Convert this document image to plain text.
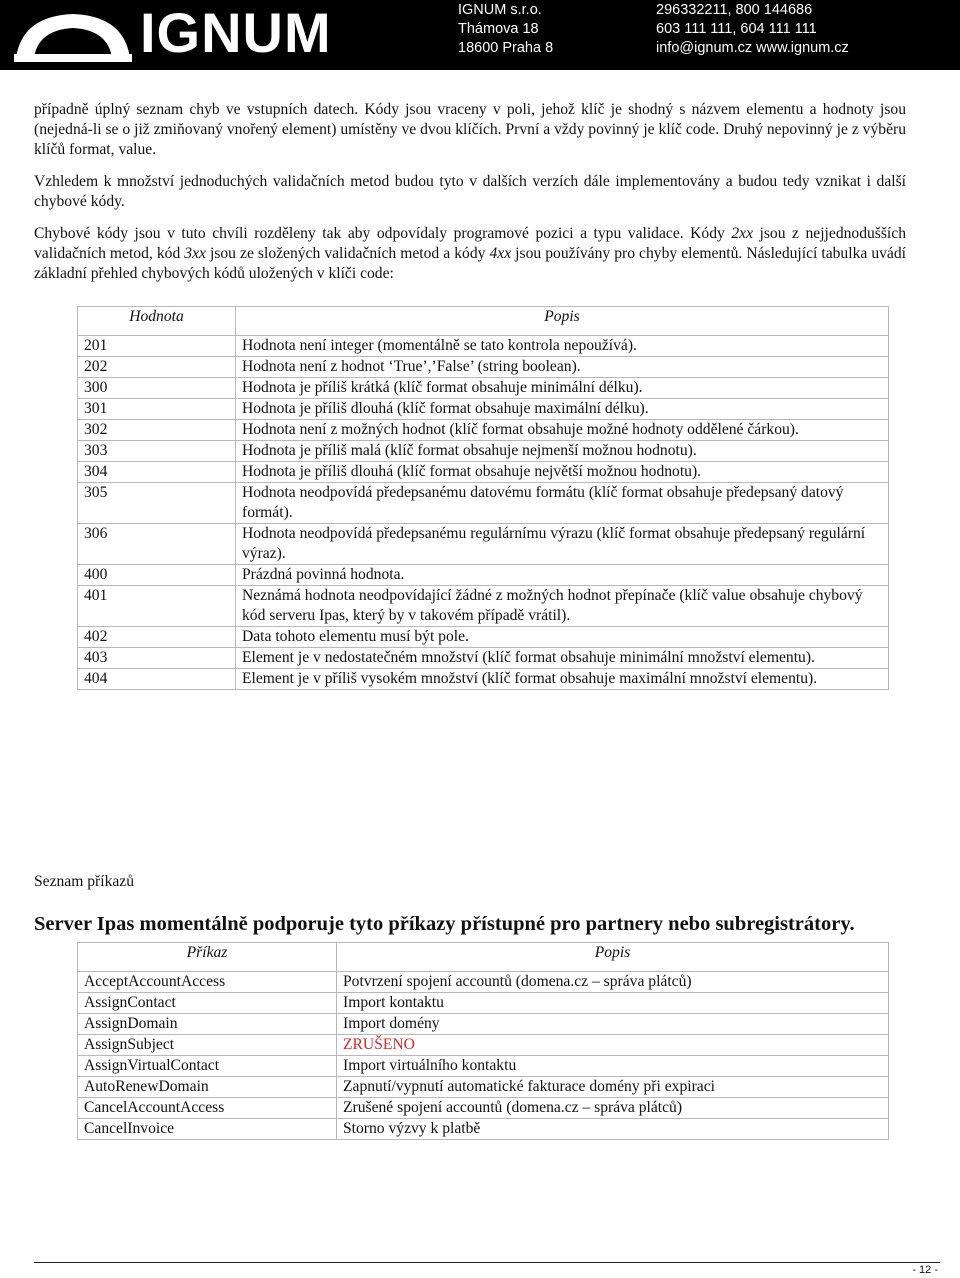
IGNUM	IGNUM s.r.o.
Thámova 18
18600 Praha 8
296332211, 800 144686
603 111 111, 604 111 111
info@ignum.cz www.ignum.cz

případně úplný seznam chyb ve vstupních datech. Kódy jsou vraceny v poli, jehož klíč je shodný s názvem elementu a hodnoty jsou (nejedná-li se o již zmiňovaný vnořený element) umístěny ve dvou klíčích. První a vždy povinný je klíč code. Druhý nepovinný je z výběru klíčů format, value.

Vzhledem k množství jednoduchých validačních metod budou tyto v dalších verzích dále implementovány a budou tedy vznikat i další chybové kódy.

Chybové kódy jsou v tuto chvíli rozděleny tak aby odpovídaly programové pozici a typu validace. Kódy 2xx jsou z nejjednodušších validačních metod, kód 3xx jsou ze složených validačních metod a kódy 4xx jsou používány pro chyby elementů. Následující tabulka uvádí základní přehled chybových kódů uložených v klíči code:

Hodnota	Popis
201	Hodnota není integer (momentálně se tato kontrola nepoužívá).
202	Hodnota není z hodnot ‘True’,’False’ (string boolean).
300	Hodnota je příliš krátká (klíč format obsahuje minimální délku).
301	Hodnota je příliš dlouhá (klíč format obsahuje maximální délku).
302	Hodnota není z možných hodnot (klíč format obsahuje možné hodnoty oddělené čárkou).
303	Hodnota je příliš malá (klíč format obsahuje nejmenší možnou hodnotu).
304	Hodnota je příliš dlouhá (klíč format obsahuje největší možnou hodnotu).
305	Hodnota neodpovídá předepsanému datovému formátu (klíč format obsahuje předepsaný datový formát).
306	Hodnota neodpovídá předepsanému regulárnímu výrazu (klíč format obsahuje předepsaný regulární výraz).
400	Prázdná povinná hodnota.
401	Neznámá hodnota neodpovídající žádné z možných hodnot přepínače (klíč value obsahuje chybový kód serveru Ipas, který by v takovém případě vrátil).
402	Data tohoto elementu musí být pole.
403	Element je v nedostatečném množství (klíč format obsahuje minimální množství elementu).
404	Element je v příliš vysokém množství (klíč format obsahuje maximální množství elementu).
Seznam příkazů
Server Ipas momentálně podporuje tyto příkazy přístupné pro partnery nebo subregistrátory.
Příkaz	Popis
AcceptAccountAccess	Potvrzení spojení accountů (domena.cz – správa plátců)
AssignContact	Import kontaktu
AssignDomain	Import domény
AssignSubject	ZRUŠENO
AssignVirtualContact	Import virtuálního kontaktu
AutoRenewDomain	Zapnutí/vypnutí automatické fakturace domény při expiraci
CancelAccountAccess	Zrušené spojení accountů (domena.cz – správa plátců)
CancelInvoice	Storno výzvy k platbě
- 12 -
